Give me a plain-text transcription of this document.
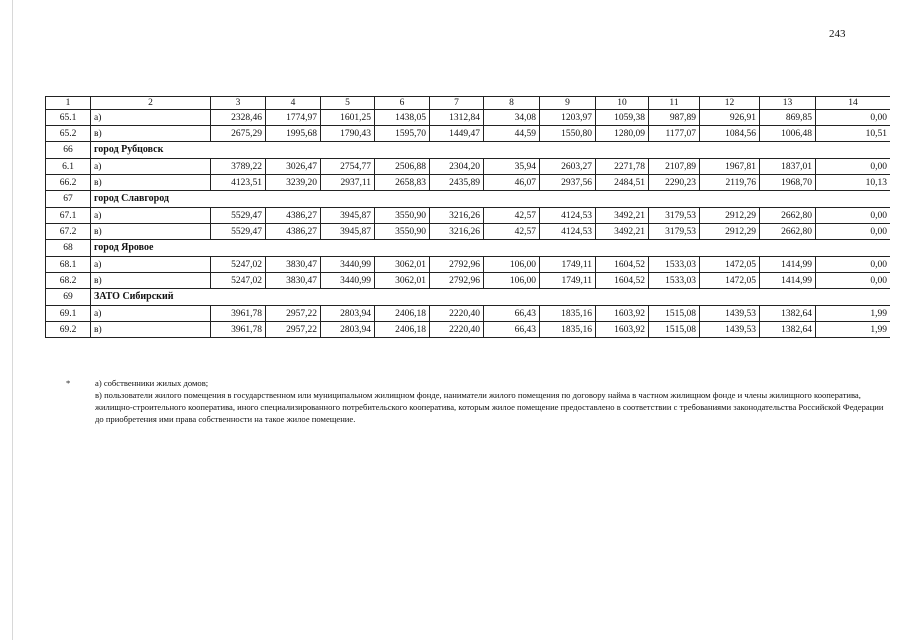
243
1	2	3	4	5	6	7	8	9	10	11	12	13	14
65.1	а)	2328,46	1774,97	1601,25	1438,05	1312,84	34,08	1203,97	1059,38	987,89	926,91	869,85	0,00
65.2	в)	2675,29	1995,68	1790,43	1595,70	1449,47	44,59	1550,80	1280,09	1177,07	1084,56	1006,48	10,51
66	город Рубцовск												
6.1	а)	3789,22	3026,47	2754,77	2506,88	2304,20	35,94	2603,27	2271,78	2107,89	1967,81	1837,01	0,00
66.2	в)	4123,51	3239,20	2937,11	2658,83	2435,89	46,07	2937,56	2484,51	2290,23	2119,76	1968,70	10,13
67	город Славгород												
67.1	а)	5529,47	4386,27	3945,87	3550,90	3216,26	42,57	4124,53	3492,21	3179,53	2912,29	2662,80	0,00
67.2	в)	5529,47	4386,27	3945,87	3550,90	3216,26	42,57	4124,53	3492,21	3179,53	2912,29	2662,80	0,00
68	город Яровое												
68.1	а)	5247,02	3830,47	3440,99	3062,01	2792,96	106,00	1749,11	1604,52	1533,03	1472,05	1414,99	0,00
68.2	в)	5247,02	3830,47	3440,99	3062,01	2792,96	106,00	1749,11	1604,52	1533,03	1472,05	1414,99	0,00
69	ЗАТО Сибирский												
69.1	а)	3961,78	2957,22	2803,94	2406,18	2220,40	66,43	1835,16	1603,92	1515,08	1439,53	1382,64	1,99
69.2	в)	3961,78	2957,22	2803,94	2406,18	2220,40	66,43	1835,16	1603,92	1515,08	1439,53	1382,64	1,99
*	а) собственники жилых домов;

в) пользователи жилого помещения в государственном или муниципальном жилищном фонде, наниматели жилого помещения по договору найма в частном жилищном фонде и члены жилищного кооператива, жилищно-строительного кооператива, иного специализированного потребительского кооператива, которым жилое помещение предоставлено в соответствии с требованиями законодательства Российской Федерации до приобретения ими права собственности на такое жилое помещение.
